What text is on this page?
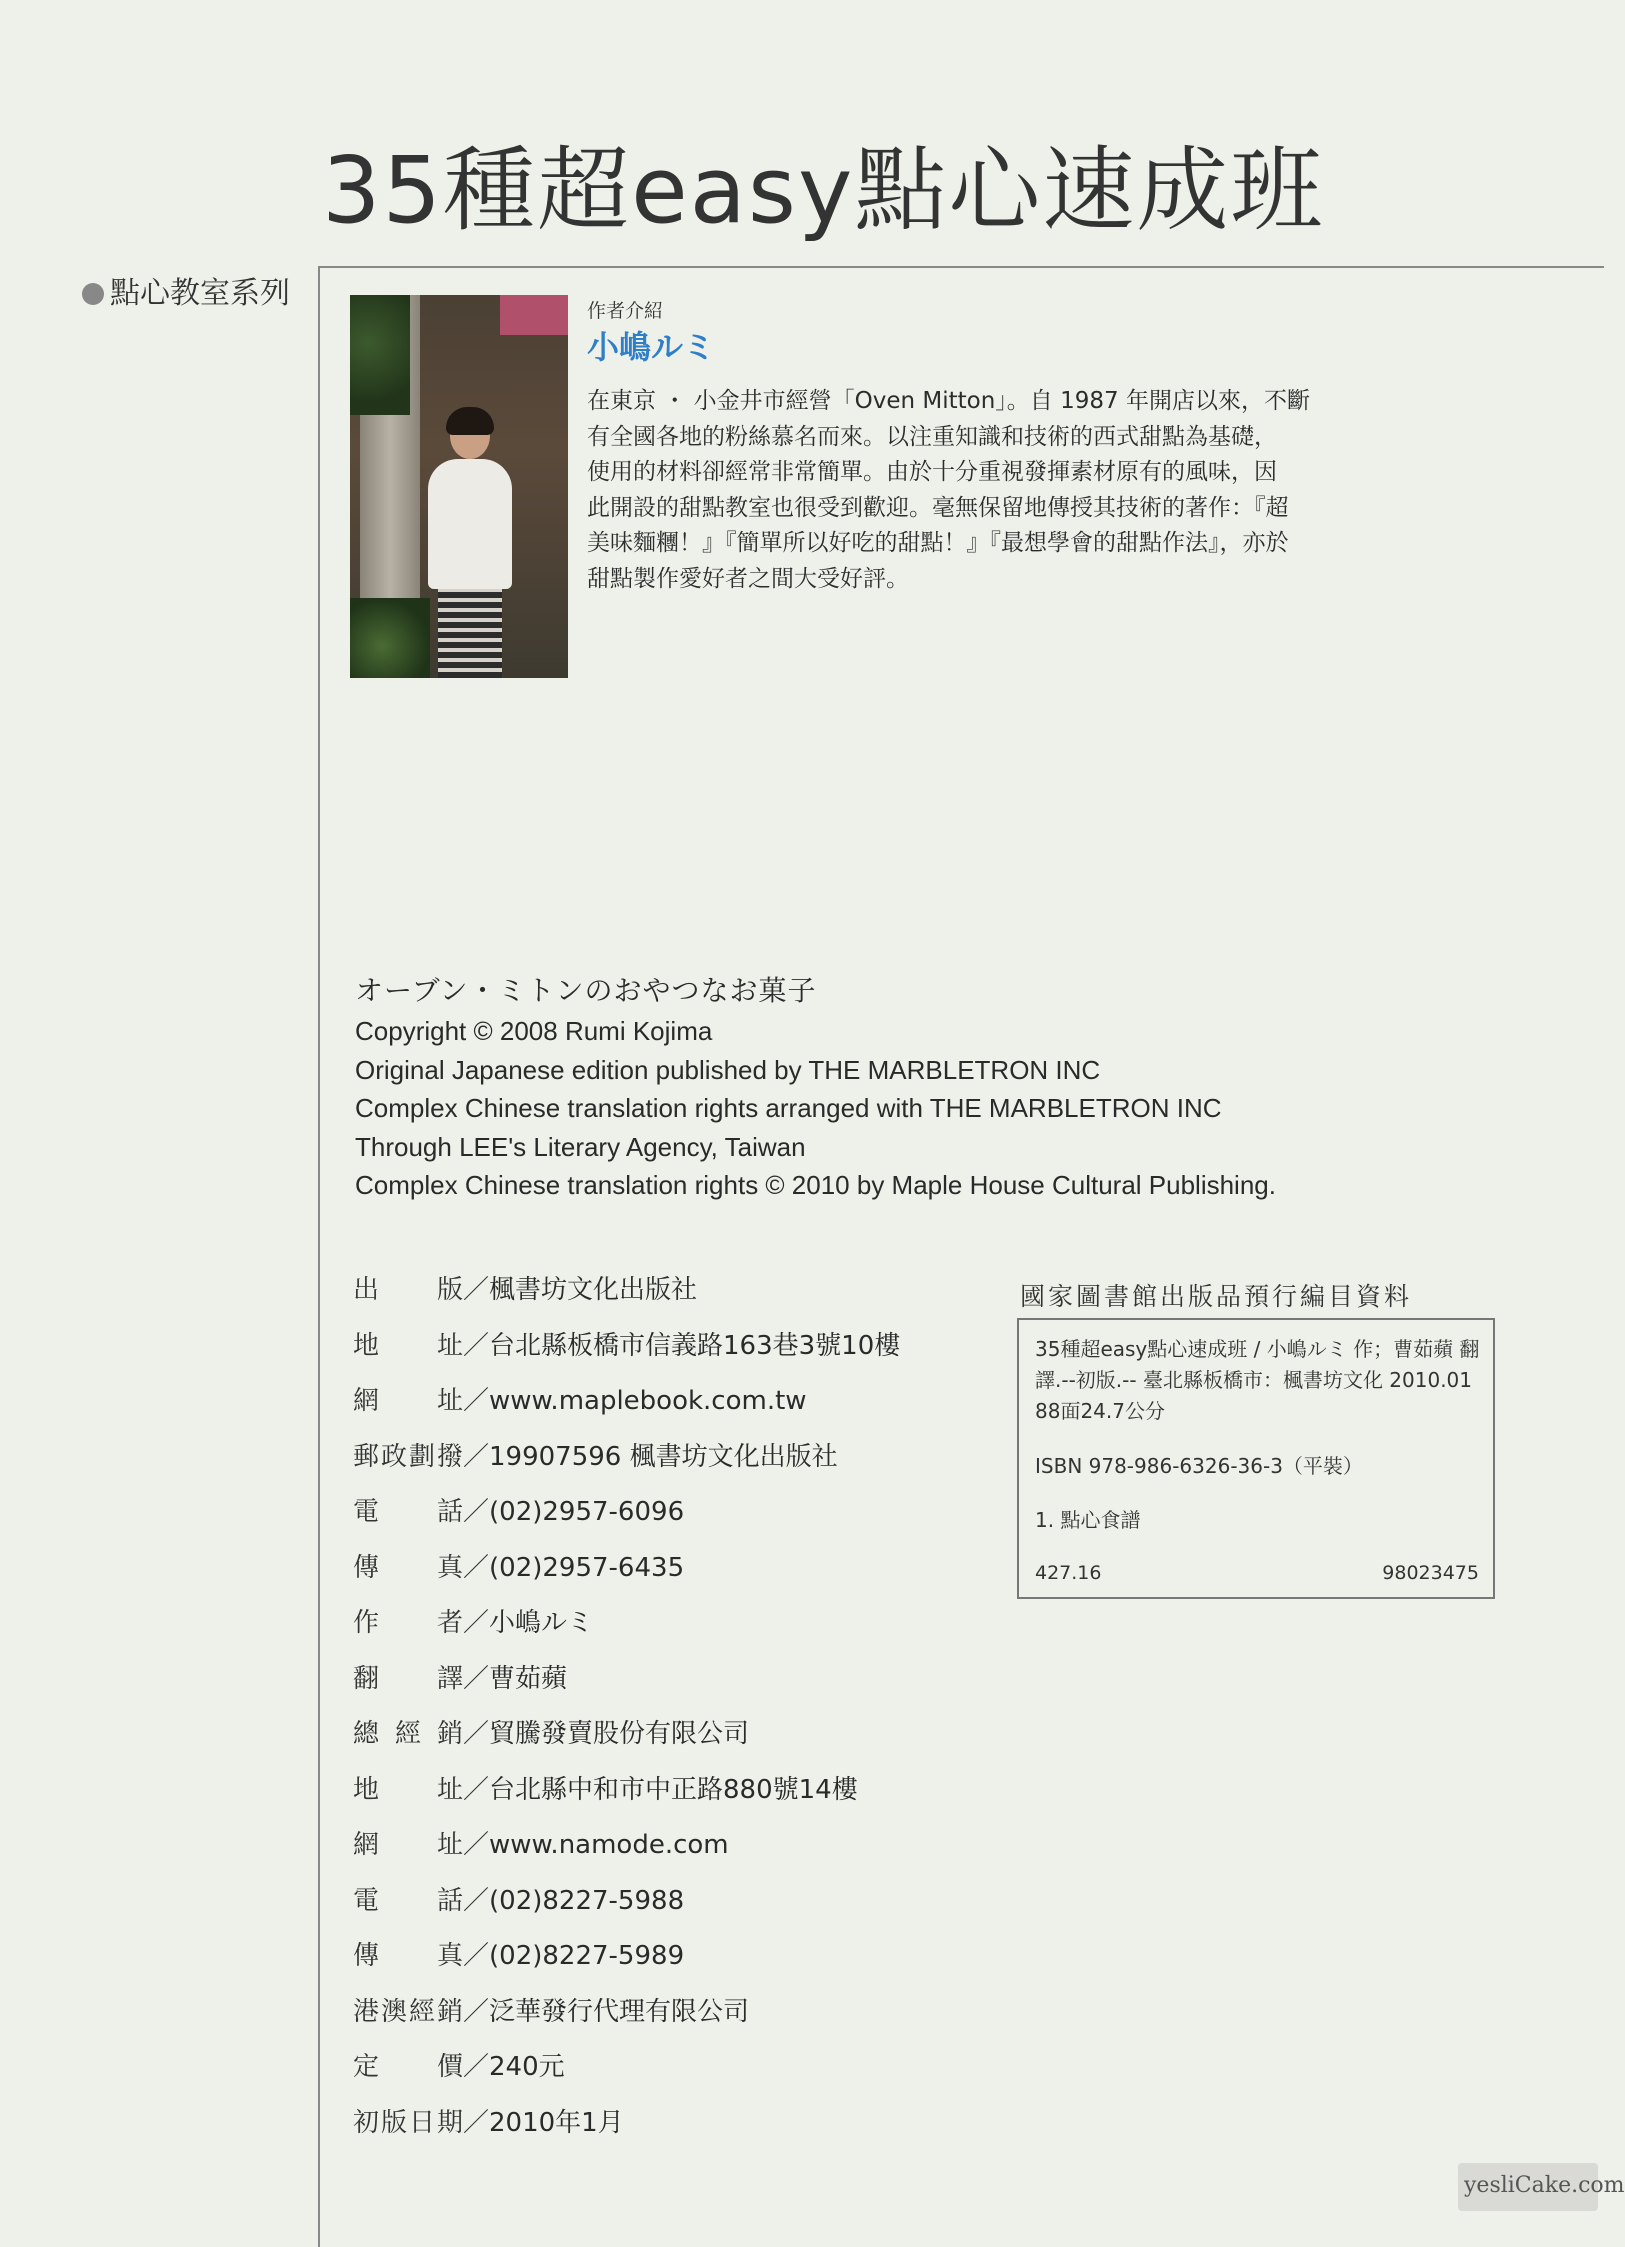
35種超easy點心速成班
點心教室系列	作者介紹
小嶋ルミ
在東京 ・ 小金井市經營「Oven Mitton」。自 1987 年開店以來，不斷
有全國各地的粉絲慕名而來。以注重知識和技術的西式甜點為基礎，
使用的材料卻經常非常簡單。由於十分重視發揮素材原有的風味，因
此開設的甜點教室也很受到歡迎。毫無保留地傳授其技術的著作：『超
美味麵糰！』『簡單所以好吃的甜點！』『最想學會的甜點作法』，亦於
甜點製作愛好者之間大受好評。
オーブン・ミトンのおやつなお菓子
Copyright © 2008 Rumi Kojima
Original Japanese edition published by THE MARBLETRON INC
Complex Chinese translation rights arranged with THE MARBLETRON INC
Through LEE's Literary Agency, Taiwan
Complex Chinese translation rights © 2010 by Maple House Cultural Publishing.
出版／楓書坊文化出版社
地址／台北縣板橋市信義路163巷3號10樓
網址／www.maplebook.com.tw
郵政劃撥／19907596 楓書坊文化出版社
電話／(02)2957-6096
傳真／(02)2957-6435
作者／小嶋ルミ
翻譯／曹茹蘋
總經銷／貿騰發賣股份有限公司
地址／台北縣中和市中正路880號14樓
網址／www.namode.com
電話／(02)8227-5988
傳真／(02)8227-5989
港澳經銷／泛華發行代理有限公司
定價／240元
初版日期／2010年1月
國家圖書館出版品預行編目資料
35種超easy點心速成班 / 小嶋ルミ 作；曹茹蘋 翻譯.--初版.-- 臺北縣板橋市：楓書坊文化 2010.01 88面24.7公分
ISBN 978-986-6326-36-3（平裝）
1. 點心食譜
427.16	98023475
yesliCake.com
